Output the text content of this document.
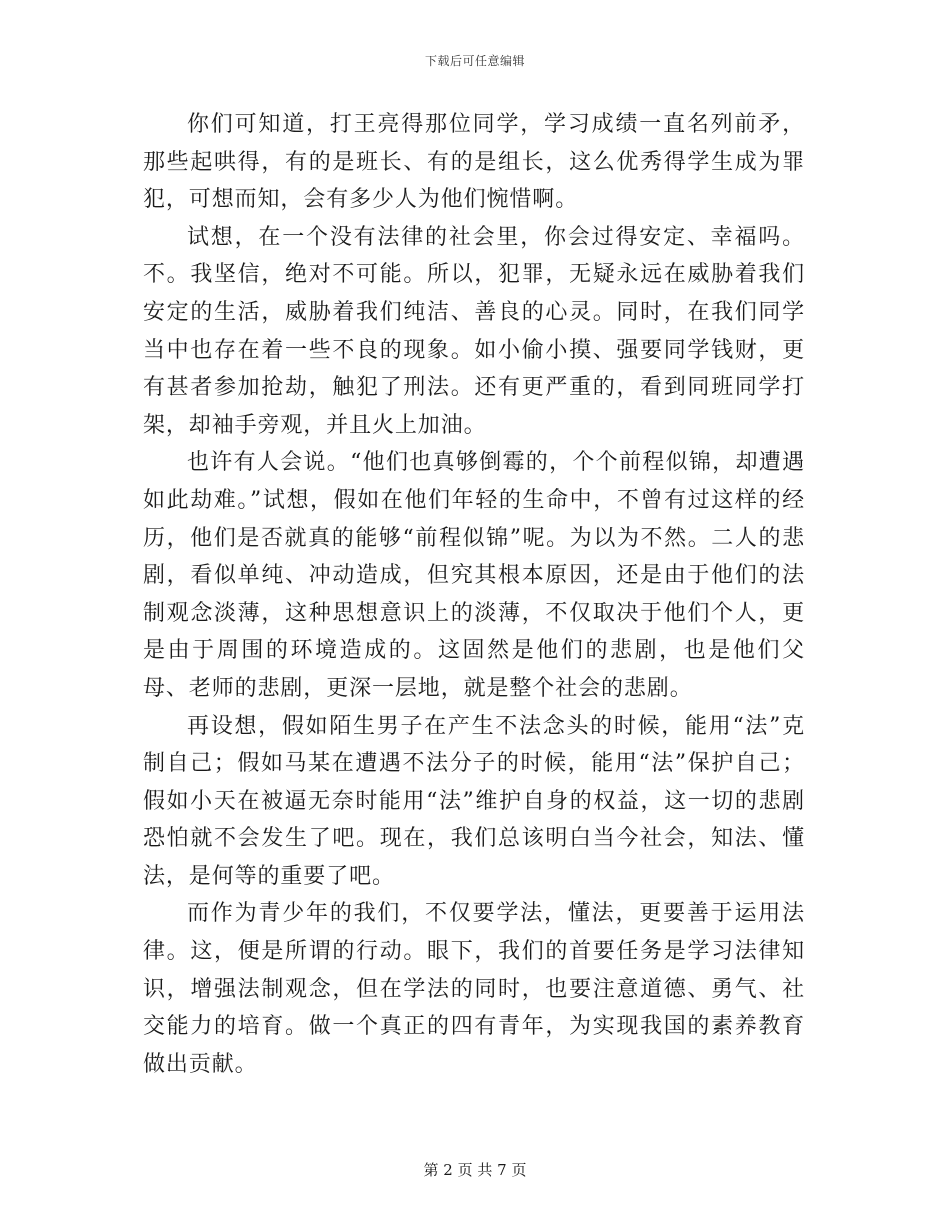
下载后可任意编辑

你们可知道，打王亮得那位同学，学习成绩一直名列前矛，那些起哄得，有的是班长、有的是组长，这么优秀得学生成为罪犯，可想而知，会有多少人为他们惋惜啊。

试想，在一个没有法律的社会里，你会过得安定、幸福吗。不。我坚信，绝对不可能。所以，犯罪，无疑永远在威胁着我们安定的生活，威胁着我们纯洁、善良的心灵。同时，在我们同学当中也存在着一些不良的现象。如小偷小摸、强要同学钱财，更有甚者参加抢劫，触犯了刑法。还有更严重的，看到同班同学打架，却袖手旁观，并且火上加油。

也许有人会说。“他们也真够倒霉的，个个前程似锦，却遭遇如此劫难。”试想，假如在他们年轻的生命中，不曾有过这样的经历，他们是否就真的能够“前程似锦”呢。为以为不然。二人的悲剧，看似单纯、冲动造成，但究其根本原因，还是由于他们的法制观念淡薄，这种思想意识上的淡薄，不仅取决于他们个人，更是由于周围的环境造成的。这固然是他们的悲剧，也是他们父母、老师的悲剧，更深一层地，就是整个社会的悲剧。

再设想，假如陌生男子在产生不法念头的时候，能用“法”克制自己；假如马某在遭遇不法分子的时候，能用“法”保护自己；假如小天在被逼无奈时能用“法”维护自身的权益，这一切的悲剧恐怕就不会发生了吧。现在，我们总该明白当今社会，知法、懂法，是何等的重要了吧。

而作为青少年的我们，不仅要学法，懂法，更要善于运用法律。这，便是所谓的行动。眼下，我们的首要任务是学习法律知识，增强法制观念，但在学法的同时，也要注意道德、勇气、社交能力的培育。做一个真正的四有青年，为实现我国的素养教育做出贡献。

第 2 页 共 7 页
